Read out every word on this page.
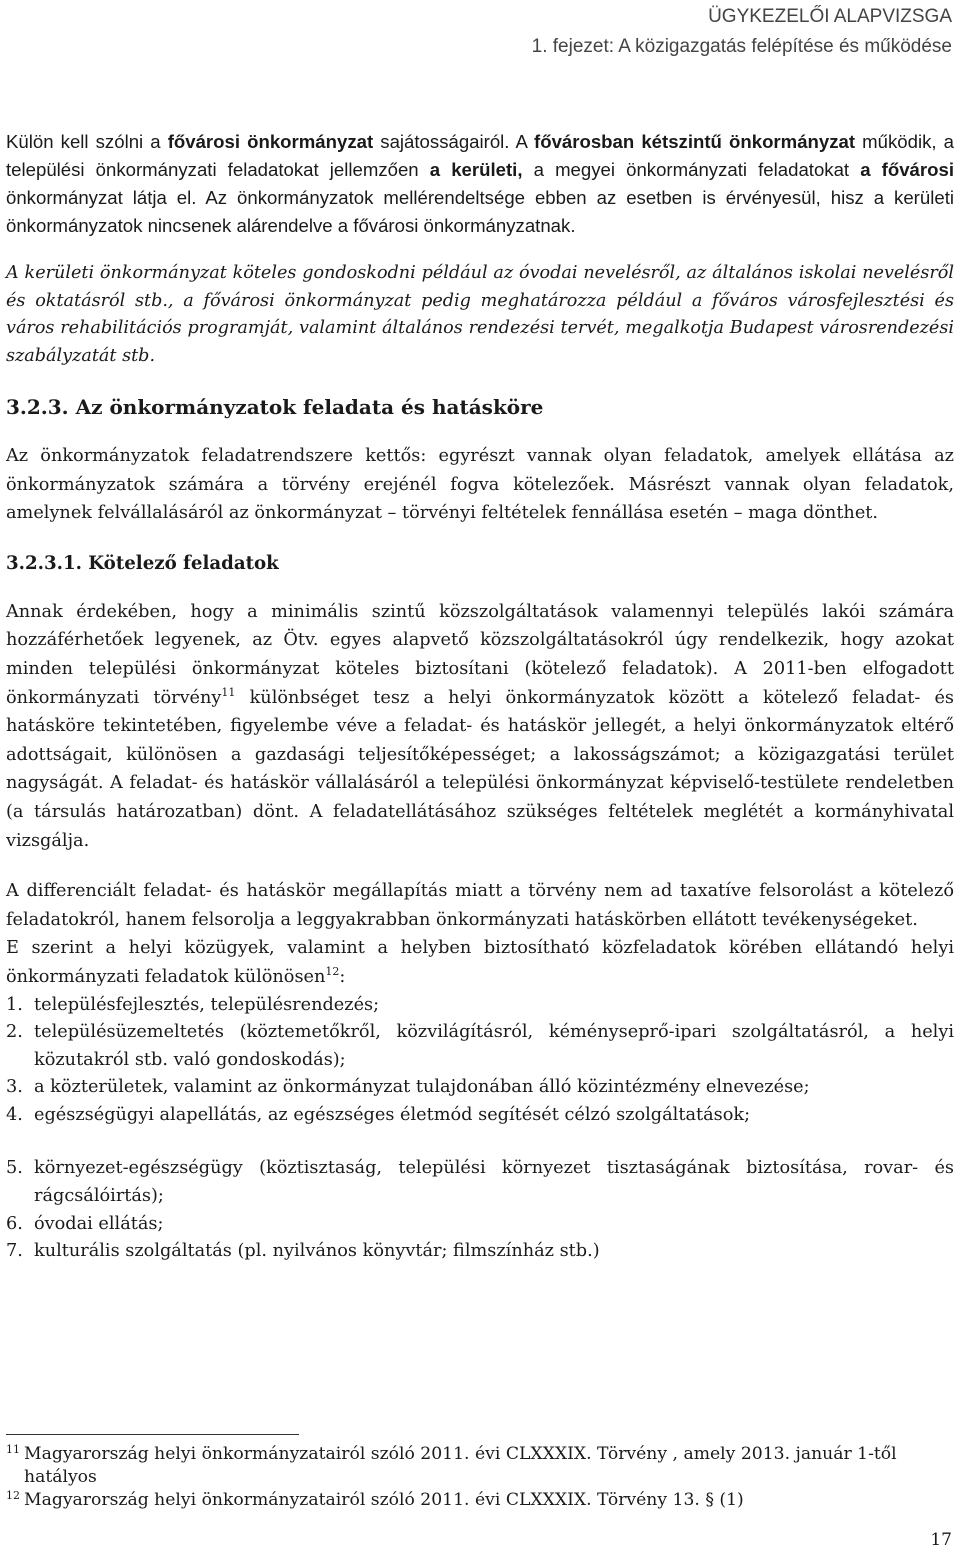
ÜGYKEZELŐI ALAPVIZSGA
1. fejezet: A közigazgatás felépítése és működése

Külön kell szólni a fővárosi önkormányzat sajátosságairól. A fővárosban kétszintű önkormányzat működik, a települési önkormányzati feladatokat jellemzően a kerületi, a megyei önkormányzati feladatokat a fővárosi önkormányzat látja el. Az önkormányzatok mellérendeltsége ebben az esetben is érvényesül, hisz a kerületi önkormányzatok nincsenek alárendelve a fővárosi önkormányzatnak.

A kerületi önkormányzat köteles gondoskodni például az óvodai nevelésről, az általános iskolai nevelésről és oktatásról stb., a fővárosi önkormányzat pedig meghatározza például a főváros városfejlesztési és város rehabilitációs programját, valamint általános rendezési tervét, megalkotja Budapest városrendezési szabályzatát stb.

3.2.3. Az önkormányzatok feladata és hatásköre

Az önkormányzatok feladatrendszere kettős: egyrészt vannak olyan feladatok, amelyek ellátása az önkormányzatok számára a törvény erejénél fogva kötelezőek. Másrészt vannak olyan feladatok, amelynek felvállalásáról az önkormányzat – törvényi feltételek fennállása esetén – maga dönthet.

3.2.3.1. Kötelező feladatok

Annak érdekében, hogy a minimális szintű közszolgáltatások valamennyi település lakói számára hozzáférhetőek legyenek, az Ötv. egyes alapvető közszolgáltatásokról úgy rendelkezik, hogy azokat minden települési önkormányzat köteles biztosítani (kötelező feladatok). A 2011-ben elfogadott önkormányzati törvény$^{11}$ különbséget tesz a helyi önkormányzatok között a kötelező feladat- és hatásköre tekintetében, figyelembe véve a feladat- és hatáskör jellegét, a helyi önkormányzatok eltérő adottságait, különösen a gazdasági teljesítőképességet; a lakosságszámot; a közigazgatási terület nagyságát. A feladat- és hatáskör vállalásáról a települési önkormányzat képviselő-testülete rendeletben (a társulás határozatban) dönt. A feladatellátásához szükséges feltételek meglétét a kormányhivatal vizsgálja.

A differenciált feladat- és hatáskör megállapítás miatt a törvény nem ad taxatíve felsorolást a kötelező feladatokról, hanem felsorolja a leggyakrabban önkormányzati hatáskörben ellátott tevékenységeket.

E szerint a helyi közügyek, valamint a helyben biztosítható közfeladatok körében ellátandó helyi önkormányzati feladatok különösen$^{12}$:

1. településfejlesztés, településrendezés;
2. településüzemeltetés (köztemetőkről, közvilágításról, kéményseprő-ipari szolgáltatásról, a helyi közutakról stb. való gondoskodás);
3. a közterületek, valamint az önkormányzat tulajdonában álló közintézmény elnevezése;
4. egészségügyi alapellátás, az egészséges életmód segítését célzó szolgáltatások;
5. környezet-egészségügy (köztisztaság, települési környezet tisztaságának biztosítása, rovar- és rágcsálóirtás);
6. óvodai ellátás;
7. kulturális szolgáltatás (pl. nyilvános könyvtár; filmszínház stb.)
11 Magyarország helyi önkormányzatairól szóló 2011. évi CLXXXIX. Törvény , amely 2013. január 1-től hatályos
12 Magyarország helyi önkormányzatairól szóló 2011. évi CLXXXIX. Törvény 13. § (1)
17
